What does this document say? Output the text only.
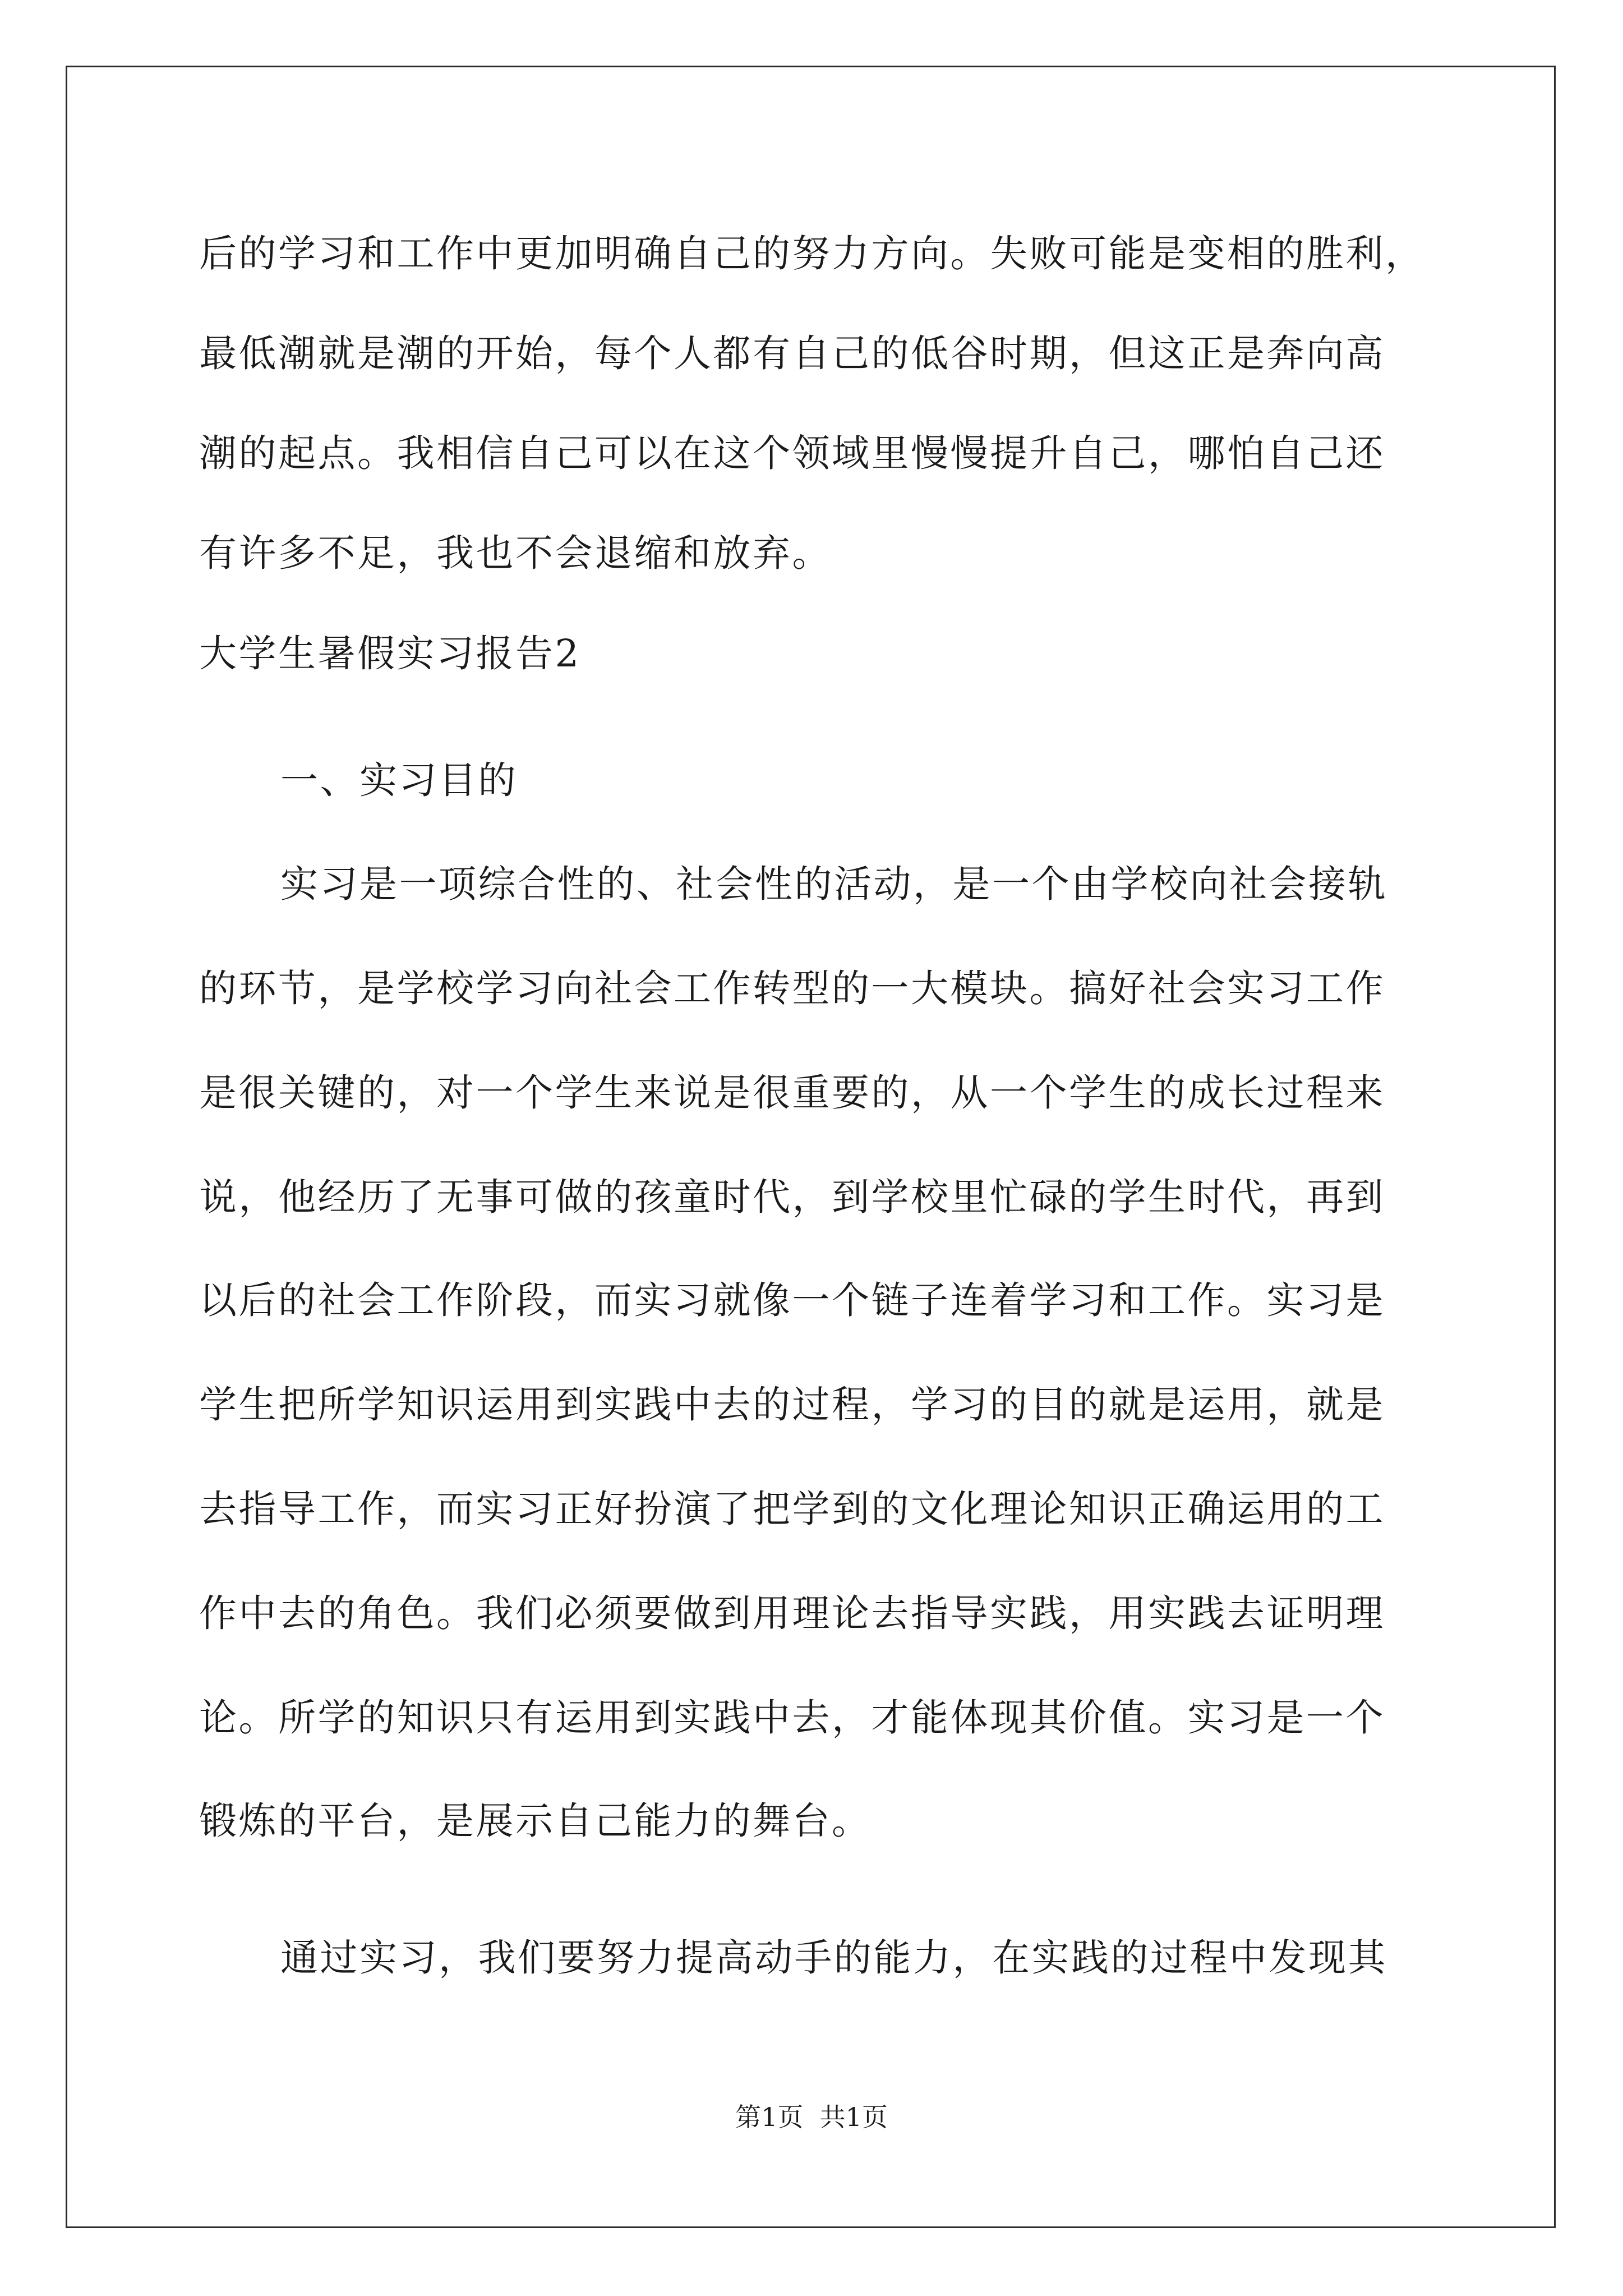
后的学习和工作中更加明确自己的努力方向。失败可能是变相的胜利，
最低潮就是潮的开始，每个人都有自己的低谷时期，但这正是奔向高
潮的起点。我相信自己可以在这个领域里慢慢提升自己，哪怕自己还
有许多不足，我也不会退缩和放弃。
大学生暑假实习报告2
一、实习目的
实习是一项综合性的、社会性的活动，是一个由学校向社会接轨
的环节，是学校学习向社会工作转型的一大模块。搞好社会实习工作
是很关键的，对一个学生来说是很重要的，从一个学生的成长过程来
说，他经历了无事可做的孩童时代，到学校里忙碌的学生时代，再到
以后的社会工作阶段，而实习就像一个链子连着学习和工作。实习是
学生把所学知识运用到实践中去的过程，学习的目的就是运用，就是
去指导工作，而实习正好扮演了把学到的文化理论知识正确运用的工
作中去的角色。我们必须要做到用理论去指导实践，用实践去证明理
论。所学的知识只有运用到实践中去，才能体现其价值。实习是一个
锻炼的平台，是展示自己能力的舞台。
通过实习，我们要努力提高动手的能力，在实践的过程中发现其
第1页  共1页
